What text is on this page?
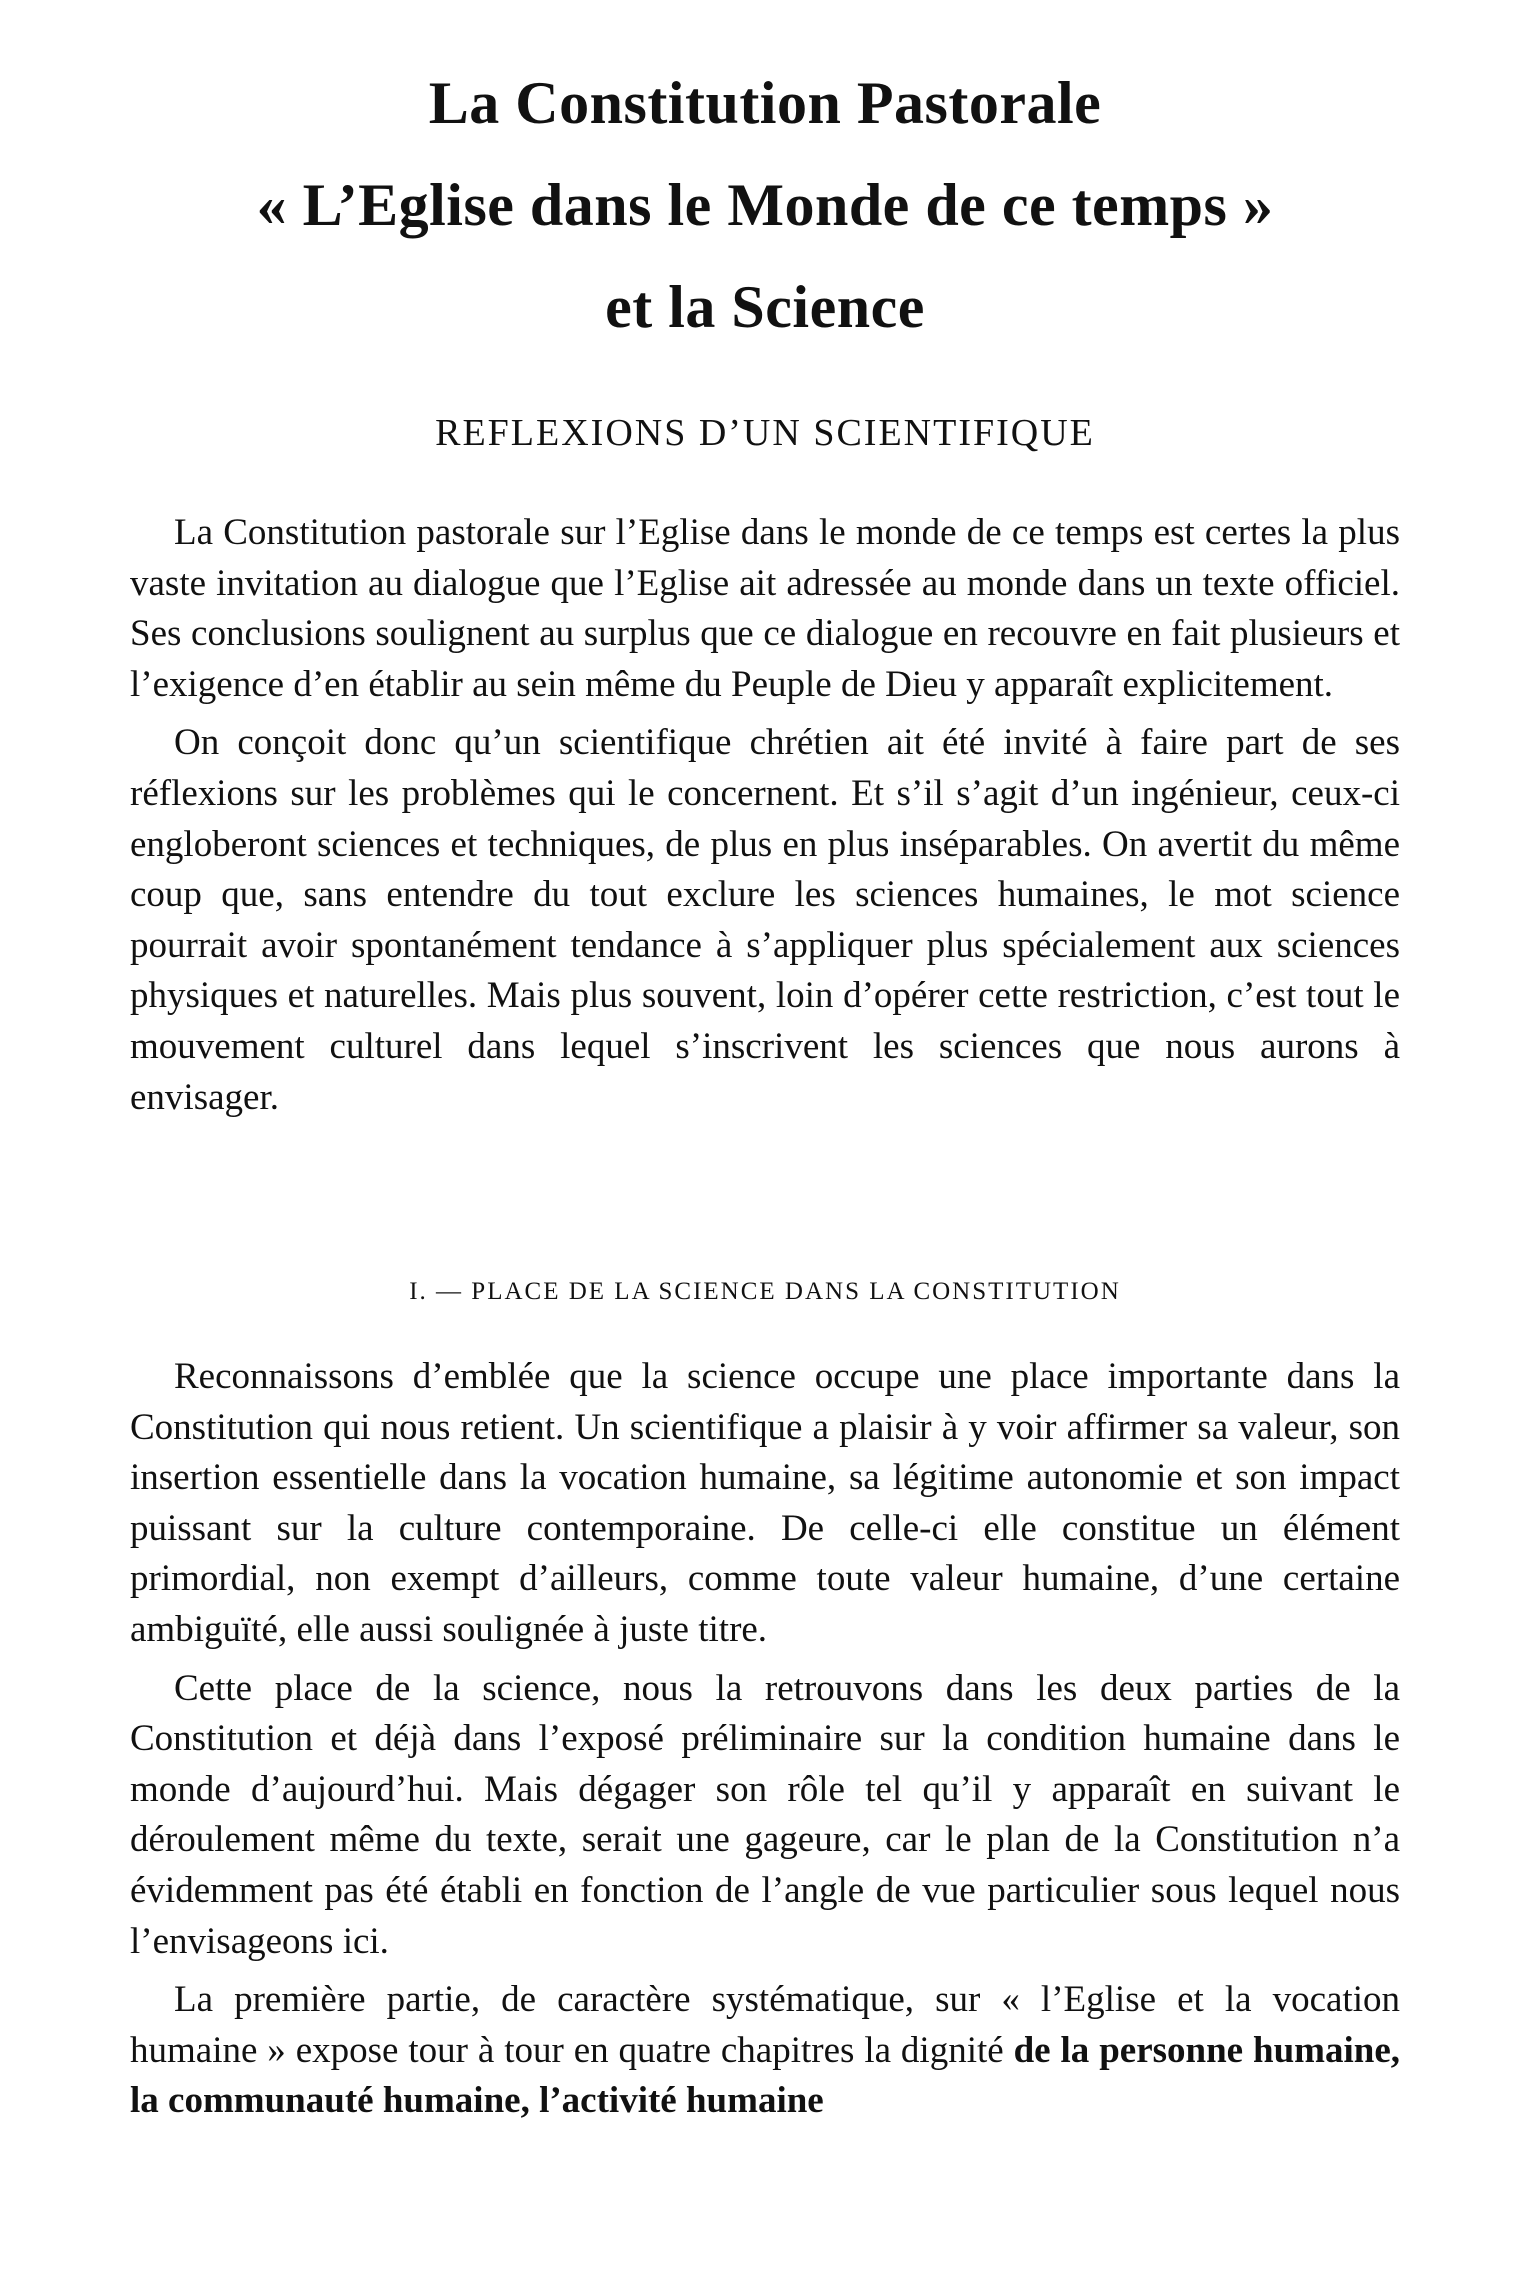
La Constitution Pastorale
« L’Eglise dans le Monde de ce temps »
et la Science
REFLEXIONS D’UN SCIENTIFIQUE

La Constitution pastorale sur l’Eglise dans le monde de ce temps est certes la plus vaste invitation au dialogue que l’Eglise ait adressée au monde dans un texte officiel. Ses conclusions soulignent au surplus que ce dialogue en recouvre en fait plusieurs et l’exigence d’en établir au sein même du Peuple de Dieu y apparaît explicitement.

On conçoit donc qu’un scientifique chrétien ait été invité à faire part de ses réflexions sur les problèmes qui le concernent. Et s’il s’agit d’un ingénieur, ceux-ci engloberont sciences et techniques, de plus en plus inséparables. On avertit du même coup que, sans entendre du tout exclure les sciences humaines, le mot science pourrait avoir spontanément tendance à s’appliquer plus spécialement aux sciences physiques et naturelles. Mais plus souvent, loin d’opérer cette restriction, c’est tout le mouvement culturel dans lequel s’inscrivent les sciences que nous aurons à envisager.

I. — PLACE DE LA SCIENCE DANS LA CONSTITUTION

Reconnaissons d’emblée que la science occupe une place importante dans la Constitution qui nous retient. Un scientifique a plaisir à y voir affirmer sa valeur, son insertion essentielle dans la vocation humaine, sa légitime autonomie et son impact puissant sur la culture contemporaine. De celle-ci elle constitue un élément primordial, non exempt d’ailleurs, comme toute valeur humaine, d’une certaine ambiguïté, elle aussi soulignée à juste titre.

Cette place de la science, nous la retrouvons dans les deux parties de la Constitution et déjà dans l’exposé préliminaire sur la condition humaine dans le monde d’aujourd’hui. Mais dégager son rôle tel qu’il y apparaît en suivant le déroulement même du texte, serait une gageure, car le plan de la Constitution n’a évidemment pas été établi en fonction de l’angle de vue particulier sous lequel nous l’envisageons ici.

La première partie, de caractère systématique, sur « l’Eglise et la vocation humaine » expose tour à tour en quatre chapitres la dignité de la personne humaine, la communauté humaine, l’activité humaine
